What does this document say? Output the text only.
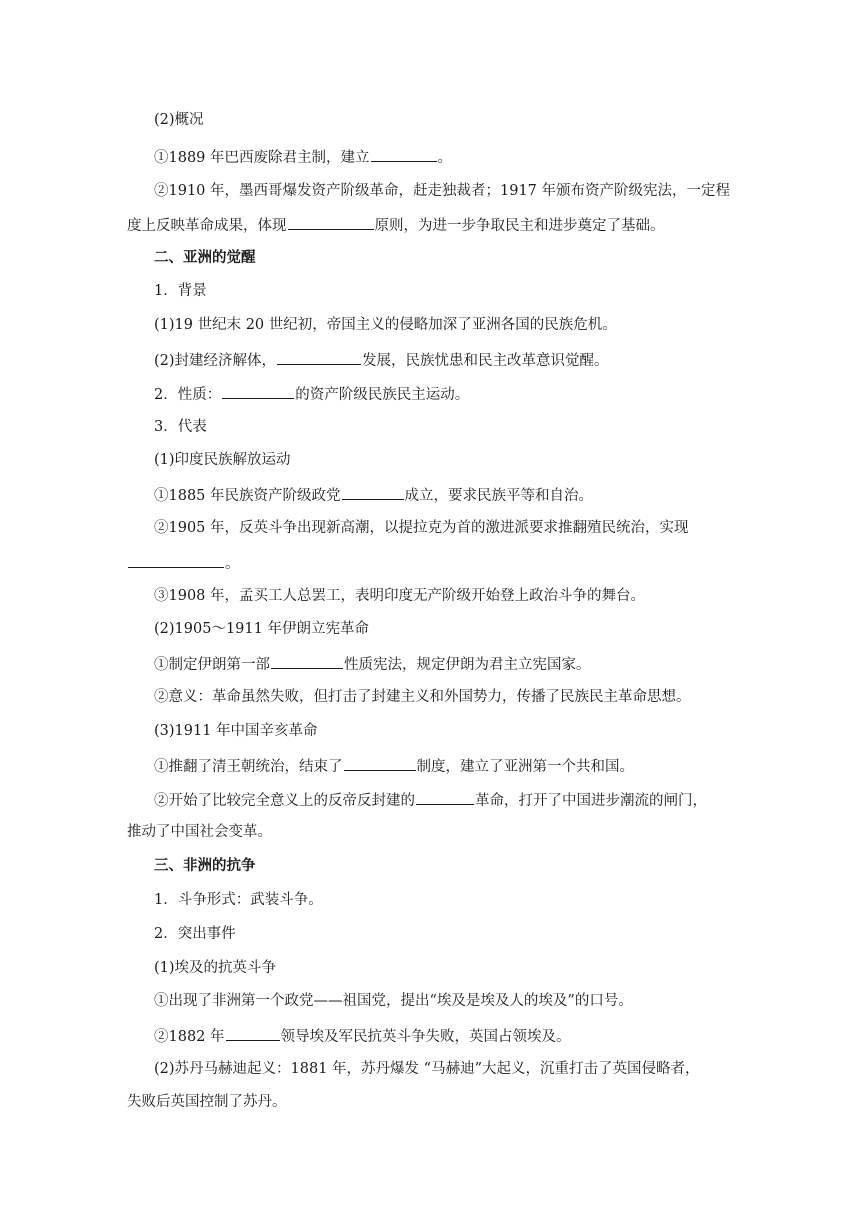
(2)概况
①1889 年巴西废除君主制，建立	。
②1910 年，墨西哥爆发资产阶级革命，赶走独裁者；1917 年颁布资产阶级宪法，一定程
度上反映革命成果，体现	原则，为进一步争取民主和进步奠定了基础。
二、亚洲的觉醒
1．背景
(1)19 世纪末 20 世纪初，帝国主义的侵略加深了亚洲各国的民族危机。
(2)封建经济解体，	发展，民族忧患和民主改革意识觉醒。
2．性质：	的资产阶级民族民主运动。
3．代表
(1)印度民族解放运动
①1885 年民族资产阶级政党	成立，要求民族平等和自治。
②1905 年，反英斗争出现新高潮，以提拉克为首的激进派要求推翻殖民统治，实现
。
③1908 年，孟买工人总罢工，表明印度无产阶级开始登上政治斗争的舞台。
(2)1905～1911 年伊朗立宪革命
①制定伊朗第一部	性质宪法，规定伊朗为君主立宪国家。
②意义：革命虽然失败，但打击了封建主义和外国势力，传播了民族民主革命思想。
(3)1911 年中国辛亥革命
①推翻了清王朝统治，结束了	制度，建立了亚洲第一个共和国。
②开始了比较完全意义上的反帝反封建的	革命，打开了中国进步潮流的闸门，
推动了中国社会变革。
三、非洲的抗争
1．斗争形式：武装斗争。
2．突出事件
(1)埃及的抗英斗争
①出现了非洲第一个政党——祖国党，提出“埃及是埃及人的埃及”的口号。
②1882 年	领导埃及军民抗英斗争失败，英国占领埃及。
(2)苏丹马赫迪起义：1881 年，苏丹爆发 “马赫迪”大起义，沉重打击了英国侵略者，
失败后英国控制了苏丹。
